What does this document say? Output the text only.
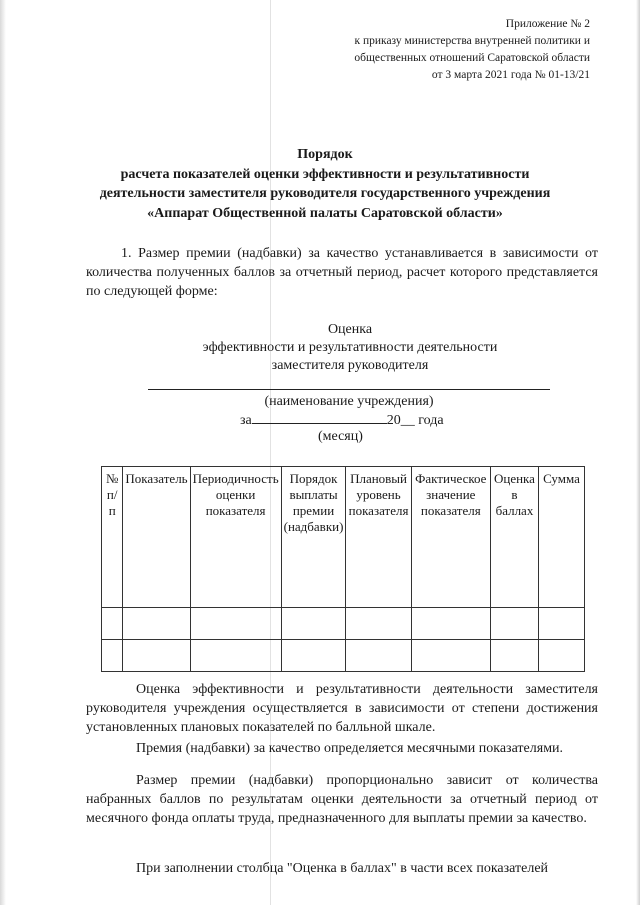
Приложение № 2
к приказу министерства внутренней политики и
общественных отношений Саратовской области
от 3 марта 2021 года № 01-13/21
Порядок
расчета показателей оценки эффективности и результативности
деятельности заместителя руководителя государственного учреждения
«Аппарат Общественной палаты Саратовской области»
1. Размер премии (надбавки) за качество устанавливается в зависимости от количества полученных баллов за отчетный период, расчет которого представляется по следующей форме:
Оценка
эффективности и результативности деятельности
заместителя руководителя
(наименование учреждения)
за	20__ года
(месяц)
№ п/п	Показатель	Периодичность оценки показателя	Порядок выплаты премии (надбавки)	Плановый уровень показателя	Фактическое значение показателя	Оценка в баллах	Сумма

Оценка эффективности и результативности деятельности заместителя руководителя учреждения осуществляется в зависимости от степени достижения установленных плановых показателей по балльной шкале.
Премия (надбавки) за качество определяется месячными показателями.
Размер премии (надбавки) пропорционально зависит от количества набранных баллов по результатам оценки деятельности за отчетный период от месячного фонда оплаты труда, предназначенного для выплаты премии за качество.
При заполнении столбца "Оценка в баллах" в части всех показателей
